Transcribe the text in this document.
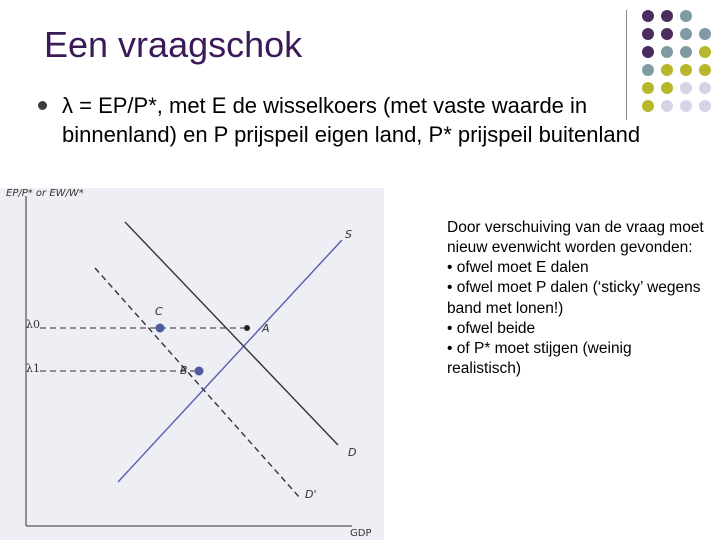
Een vraagschok
λ = EP/P*, met E de wisselkoers (met vaste waarde in binnenland) en P prijspeil eigen land, P* prijspeil buitenland
EP/P* or EW/W*
GDP
λ0
λ1
S
D
D'
A
B
C

Door verschuiving van de vraag moet nieuw evenwicht worden gevonden:

• ofwel moet E dalen

• ofwel moet P dalen (‘sticky’ wegens band met lonen!)

• ofwel beide

• of P* moet stijgen (weinig realistisch)
